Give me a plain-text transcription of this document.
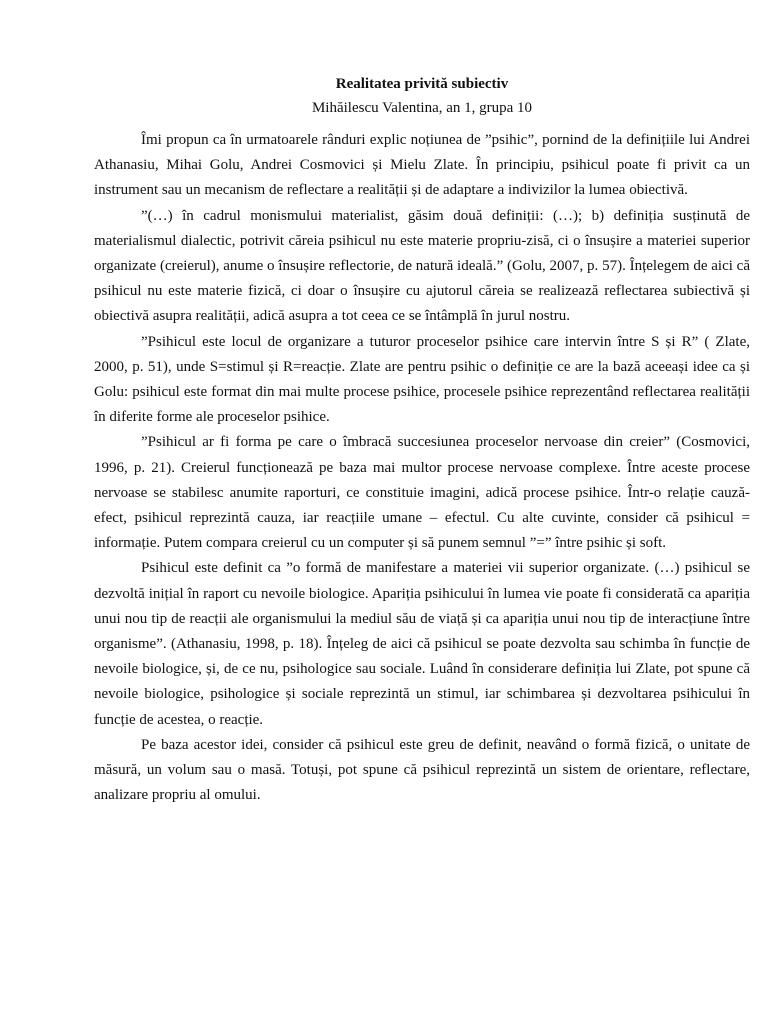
Realitatea privită subiectiv

Mihăilescu Valentina, an 1, grupa 10

Îmi propun ca în urmatoarele rânduri explic noțiunea de ”psihic”, pornind de la definițiile lui Andrei Athanasiu, Mihai Golu, Andrei Cosmovici și Mielu Zlate. În principiu, psihicul poate fi privit ca un instrument sau un mecanism de reflectare a realității și de adaptare a indivizilor la lumea obiectivă.

”(…) în cadrul monismului materialist, găsim două definiții: (…); b) definiția susținută de materialismul dialectic, potrivit căreia psihicul nu este materie propriu-zisă, ci o însușire a materiei superior organizate (creierul), anume o însușire reflectorie, de natură ideală.” (Golu, 2007, p. 57). Înțelegem de aici că psihicul nu este materie fizică, ci doar o însușire cu ajutorul căreia se realizează reflectarea subiectivă și obiectivă asupra realității, adică asupra a tot ceea ce se întâmplă în jurul nostru.

”Psihicul este locul de organizare a tuturor proceselor psihice care intervin între S și R” ( Zlate, 2000, p. 51), unde S=stimul și R=reacție. Zlate are pentru psihic o definiție ce are la bază aceeași idee ca și Golu: psihicul este format din mai multe procese psihice, procesele psihice reprezentând reflectarea realității în diferite forme ale proceselor psihice.

”Psihicul ar fi forma pe care o îmbracă succesiunea proceselor nervoase din creier” (Cosmovici, 1996, p. 21). Creierul funcționează pe baza mai multor procese nervoase complexe. Între aceste procese nervoase se stabilesc anumite raporturi, ce constituie imagini, adică procese psihice. Într-o relație cauză-efect, psihicul reprezintă cauza, iar reacțiile umane – efectul. Cu alte cuvinte, consider că psihicul = informație. Putem compara creierul cu un computer și să punem semnul ”=” între psihic și soft.

Psihicul este definit ca ”o formă de manifestare a materiei vii superior organizate. (…) psihicul se dezvoltă inițial în raport cu nevoile biologice. Apariția psihicului în lumea vie poate fi considerată ca apariția unui nou tip de reacții ale organismului la mediul său de viață și ca apariția unui nou tip de interacțiune între organisme”. (Athanasiu, 1998, p. 18). Înțeleg de aici că psihicul se poate dezvolta sau schimba în funcție de nevoile biologice, și, de ce nu, psihologice sau sociale. Luând în considerare definiția lui Zlate, pot spune că nevoile biologice, psihologice și sociale reprezintă un stimul, iar schimbarea și dezvoltarea psihicului în funcție de acestea, o reacție.

Pe baza acestor idei, consider că psihicul este greu de definit, neavând o formă fizică, o unitate de măsură, un volum sau o masă. Totuși, pot spune că psihicul reprezintă un sistem de orientare, reflectare, analizare propriu al omului.
